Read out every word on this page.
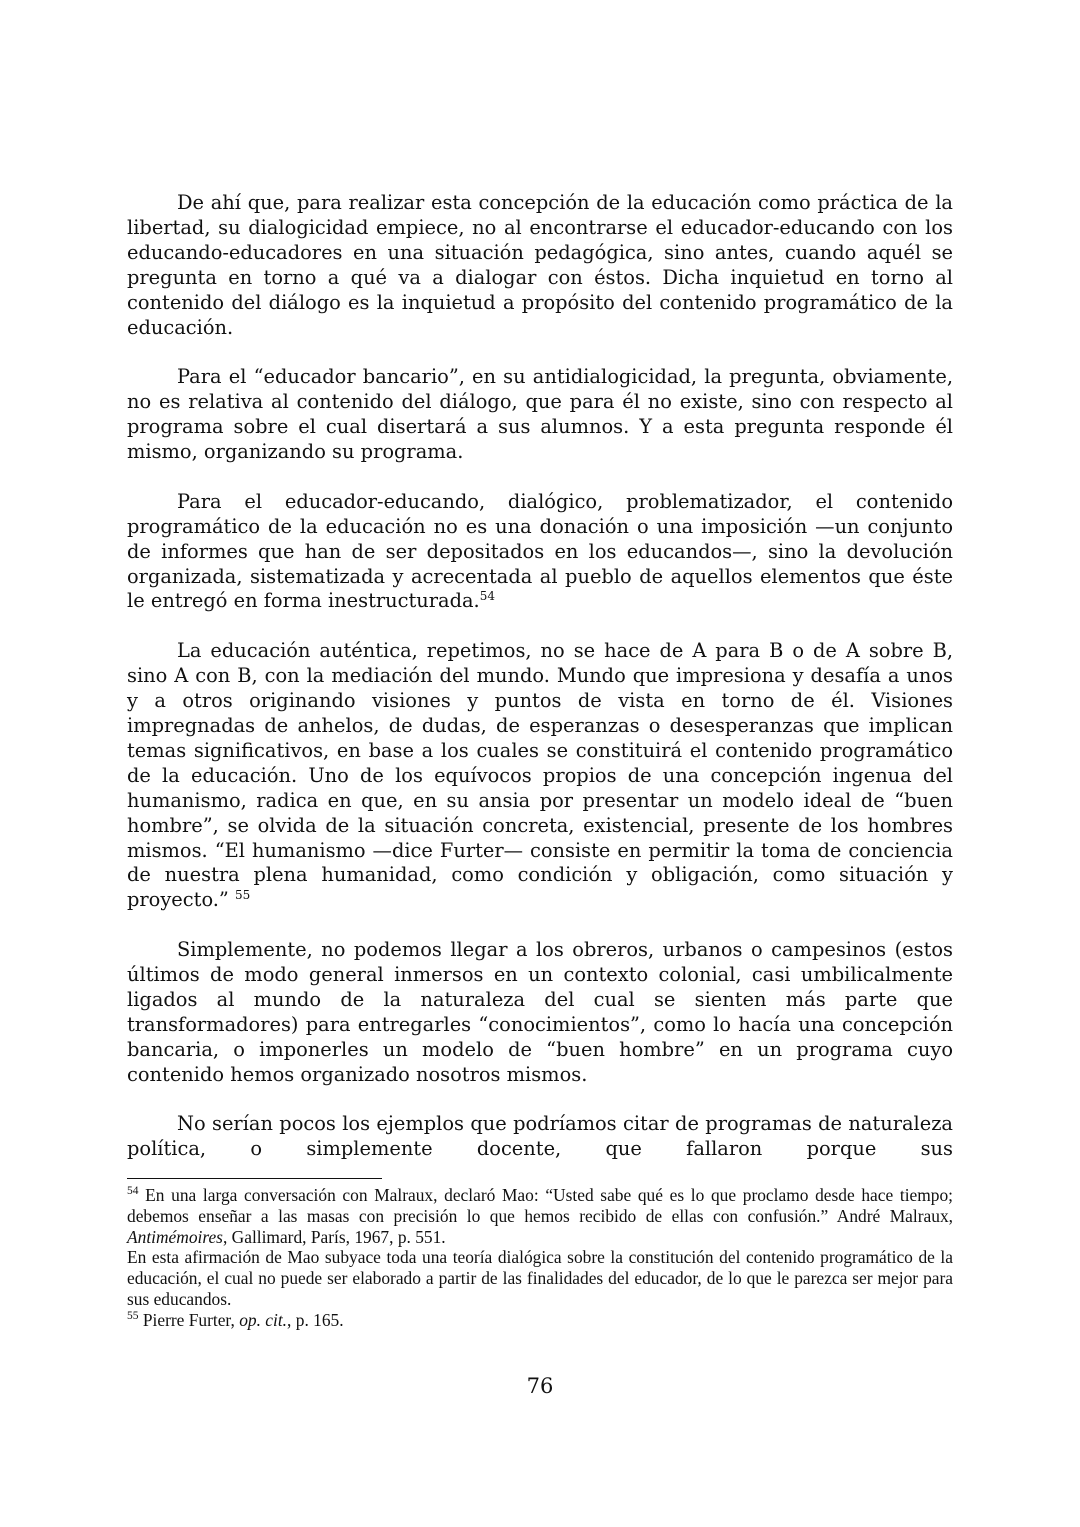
De ahí que, para realizar esta concepción de la educación como práctica de la libertad, su dialogicidad empiece, no al encontrarse el educador-educando con los educando-educadores en una situación pedagógica, sino antes, cuando aquél se pregunta en torno a qué va a dialogar con éstos. Dicha inquietud en torno al contenido del diálogo es la inquietud a propósito del contenido programático de la educación.

Para el “educador bancario”, en su antidialogicidad, la pregunta, obviamente, no es relativa al contenido del diálogo, que para él no existe, sino con respecto al programa sobre el cual disertará a sus alumnos. Y a esta pregunta responde él mismo, organizando su programa.

Para el educador-educando, dialógico, problematizador, el contenido programático de la educación no es una donación o una imposición —un conjunto de informes que han de ser depositados en los educandos—, sino la devolución organizada, sistematizada y acrecentada al pueblo de aquellos elementos que éste le entregó en forma inestructurada.$^{54}$

La educación auténtica, repetimos, no se hace de A para B o de A sobre B, sino A con B, con la mediación del mundo. Mundo que impresiona y desafía a unos y a otros originando visiones y puntos de vista en torno de él. Visiones impregnadas de anhelos, de dudas, de esperanzas o desesperanzas que implican temas significativos, en base a los cuales se constituirá el contenido programático de la educación. Uno de los equívocos propios de una concepción ingenua del humanismo, radica en que, en su ansia por presentar un modelo ideal de “buen hombre”, se olvida de la situación concreta, existencial, presente de los hombres mismos. “El humanismo —dice Furter— consiste en permitir la toma de conciencia de nuestra plena humanidad, como condición y obligación, como situación y proyecto.” $^{55}$

Simplemente, no podemos llegar a los obreros, urbanos o campesinos (estos últimos de modo general inmersos en un contexto colonial, casi umbilicalmente ligados al mundo de la naturaleza del cual se sienten más parte que transformadores) para entregarles “conocimientos”, como lo hacía una concepción bancaria, o imponerles un modelo de “buen hombre” en un programa cuyo contenido hemos organizado nosotros mismos.

No serían pocos los ejemplos que podríamos citar de programas de naturaleza política, o simplemente docente, que fallaron porque sus

$^{54}$ En una larga conversación con Malraux, declaró Mao: “Usted sabe qué es lo que proclamo desde hace tiempo; debemos enseñar a las masas con precisión lo que hemos recibido de ellas con confusión.” André Malraux, Antimémoires, Gallimard, París, 1967, p. 551.

En esta afirmación de Mao subyace toda una teoría dialógica sobre la constitución del contenido programático de la educación, el cual no puede ser elaborado a partir de las finalidades del educador, de lo que le parezca ser mejor para sus educandos.

$^{55}$ Pierre Furter, op. cit., p. 165.

76
